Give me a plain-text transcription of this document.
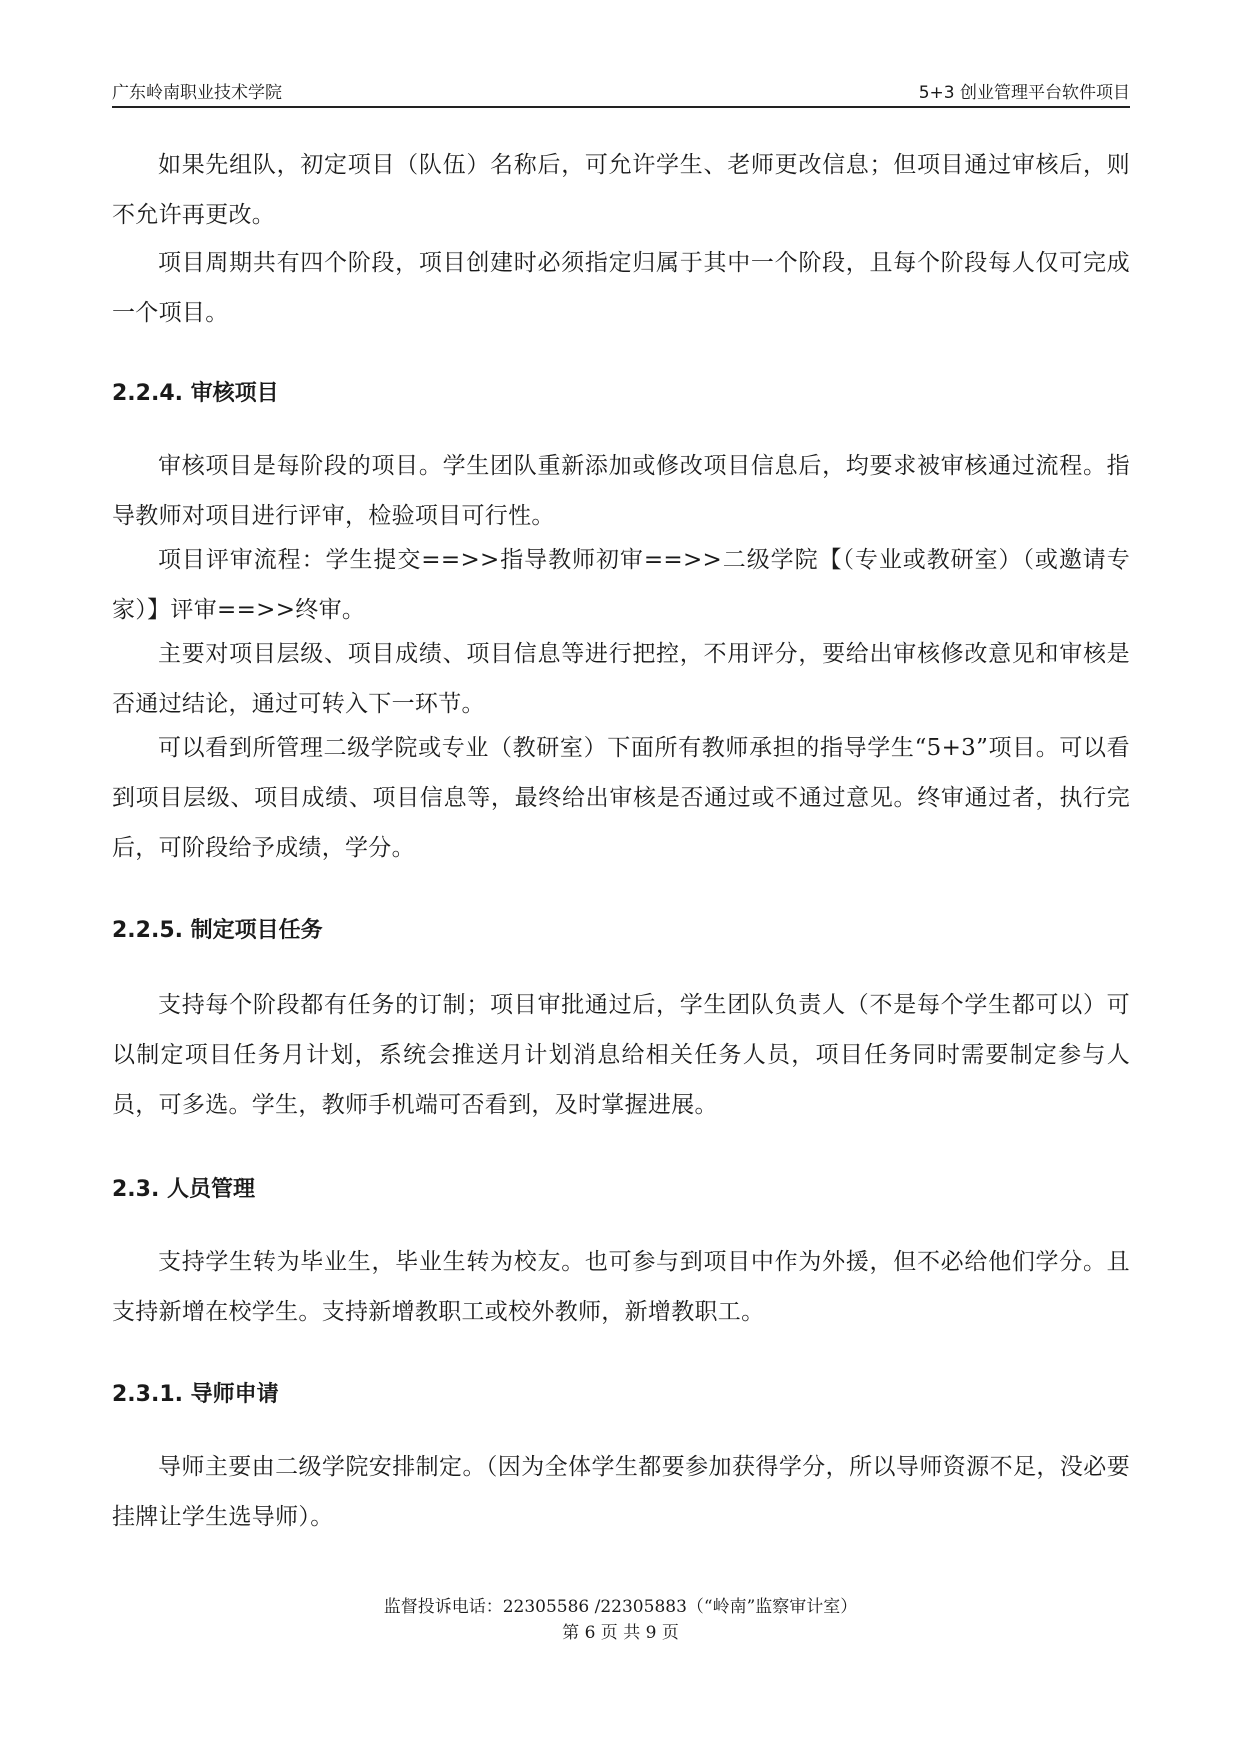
广东岭南职业技术学院	5+3 创业管理平台软件项目

如果先组队，初定项目（队伍）名称后，可允许学生、老师更改信息；但项目通过审核后，则不允许再更改。

项目周期共有四个阶段，项目创建时必须指定归属于其中一个阶段，且每个阶段每人仅可完成一个项目。

2.2.4. 审核项目

审核项目是每阶段的项目。学生团队重新添加或修改项目信息后，均要求被审核通过流程。指导教师对项目进行评审，检验项目可行性。

项目评审流程：学生提交==>>指导教师初审==>>二级学院【（专业或教研室）（或邀请专家）】评审==>>终审。

主要对项目层级、项目成绩、项目信息等进行把控，不用评分，要给出审核修改意见和审核是否通过结论，通过可转入下一环节。

可以看到所管理二级学院或专业（教研室）下面所有教师承担的指导学生“5+3”项目。可以看到项目层级、项目成绩、项目信息等，最终给出审核是否通过或不通过意见。终审通过者，执行完后，可阶段给予成绩，学分。

2.2.5. 制定项目任务

支持每个阶段都有任务的订制；项目审批通过后，学生团队负责人（不是每个学生都可以）可以制定项目任务月计划，系统会推送月计划消息给相关任务人员，项目任务同时需要制定参与人员，可多选。学生，教师手机端可否看到，及时掌握进展。

2.3. 人员管理

支持学生转为毕业生，毕业生转为校友。也可参与到项目中作为外援，但不必给他们学分。且支持新增在校学生。支持新增教职工或校外教师，新增教职工。

2.3.1. 导师申请

导师主要由二级学院安排制定。（因为全体学生都要参加获得学分，所以导师资源不足，没必要挂牌让学生选导师）。

监督投诉电话：22305586 /22305883（“岭南”监察审计室）
第 6 页 共 9 页
